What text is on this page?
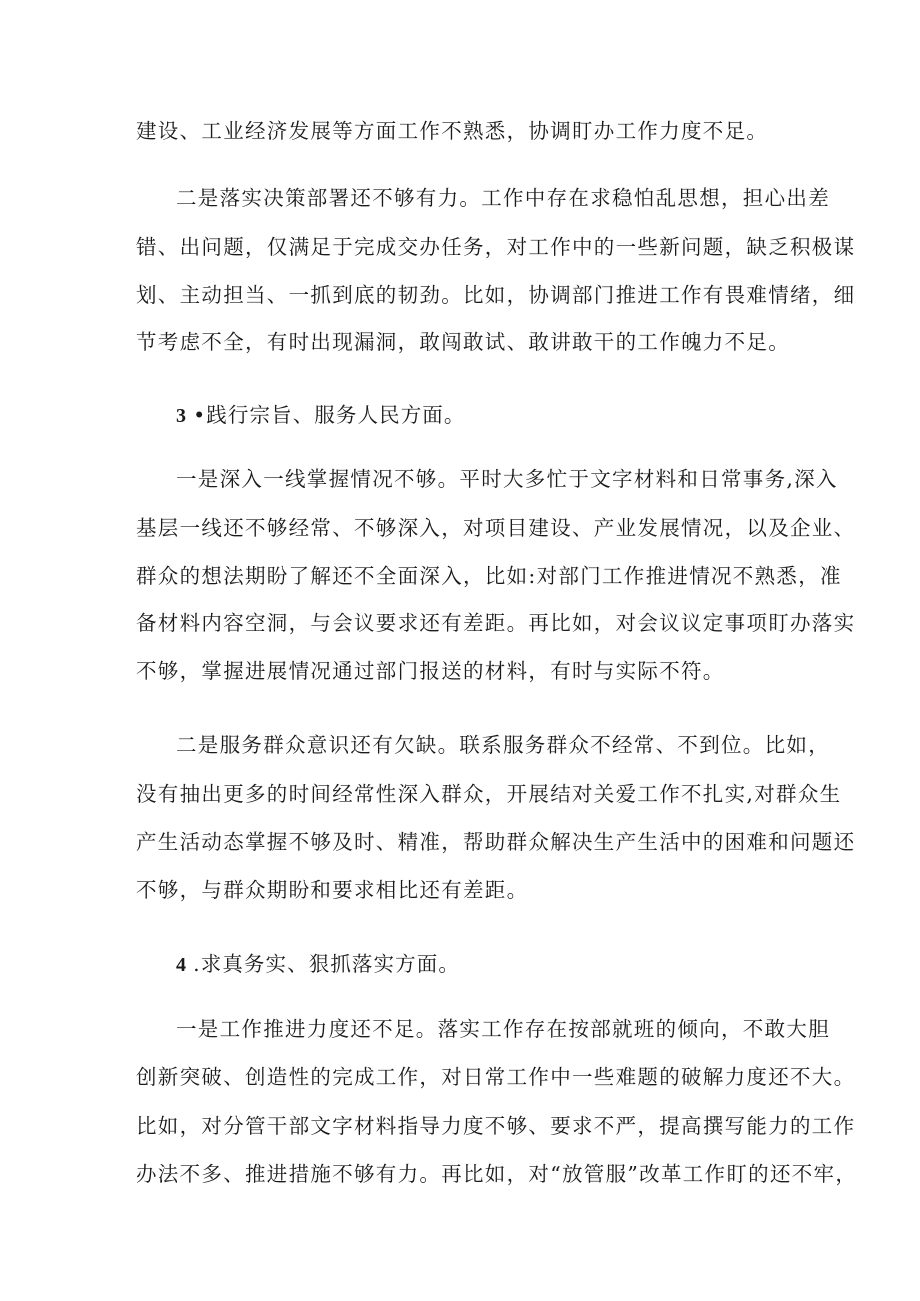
建设、工业经济发展等方面工作不熟悉，协调盯办工作力度不足。
二是落实决策部署还不够有力。工作中存在求稳怕乱思想，担心出差
错、出问题，仅满足于完成交办任务，对工作中的一些新问题，缺乏积极谋
划、主动担当、一抓到底的韧劲。比如，协调部门推进工作有畏难情绪，细
节考虑不全，有时出现漏洞，敢闯敢试、敢讲敢干的工作魄力不足。
3 •践行宗旨、服务人民方面。
一是深入一线掌握情况不够。平时大多忙于文字材料和日常事务,深入
基层一线还不够经常、不够深入，对项目建设、产业发展情况，以及企业、
群众的想法期盼了解还不全面深入，比如:对部门工作推进情况不熟悉，准
备材料内容空洞，与会议要求还有差距。再比如，对会议议定事项盯办落实
不够，掌握进展情况通过部门报送的材料，有时与实际不符。
二是服务群众意识还有欠缺。联系服务群众不经常、不到位。比如，
没有抽出更多的时间经常性深入群众，开展结对关爱工作不扎实,对群众生
产生活动态掌握不够及时、精准，帮助群众解决生产生活中的困难和问题还
不够，与群众期盼和要求相比还有差距。
4 .求真务实、狠抓落实方面。
一是工作推进力度还不足。落实工作存在按部就班的倾向，不敢大胆
创新突破、创造性的完成工作，对日常工作中一些难题的破解力度还不大。
比如，对分管干部文字材料指导力度不够、要求不严，提高撰写能力的工作
办法不多、推进措施不够有力。再比如，对“放管服”改革工作盯的还不牢，
